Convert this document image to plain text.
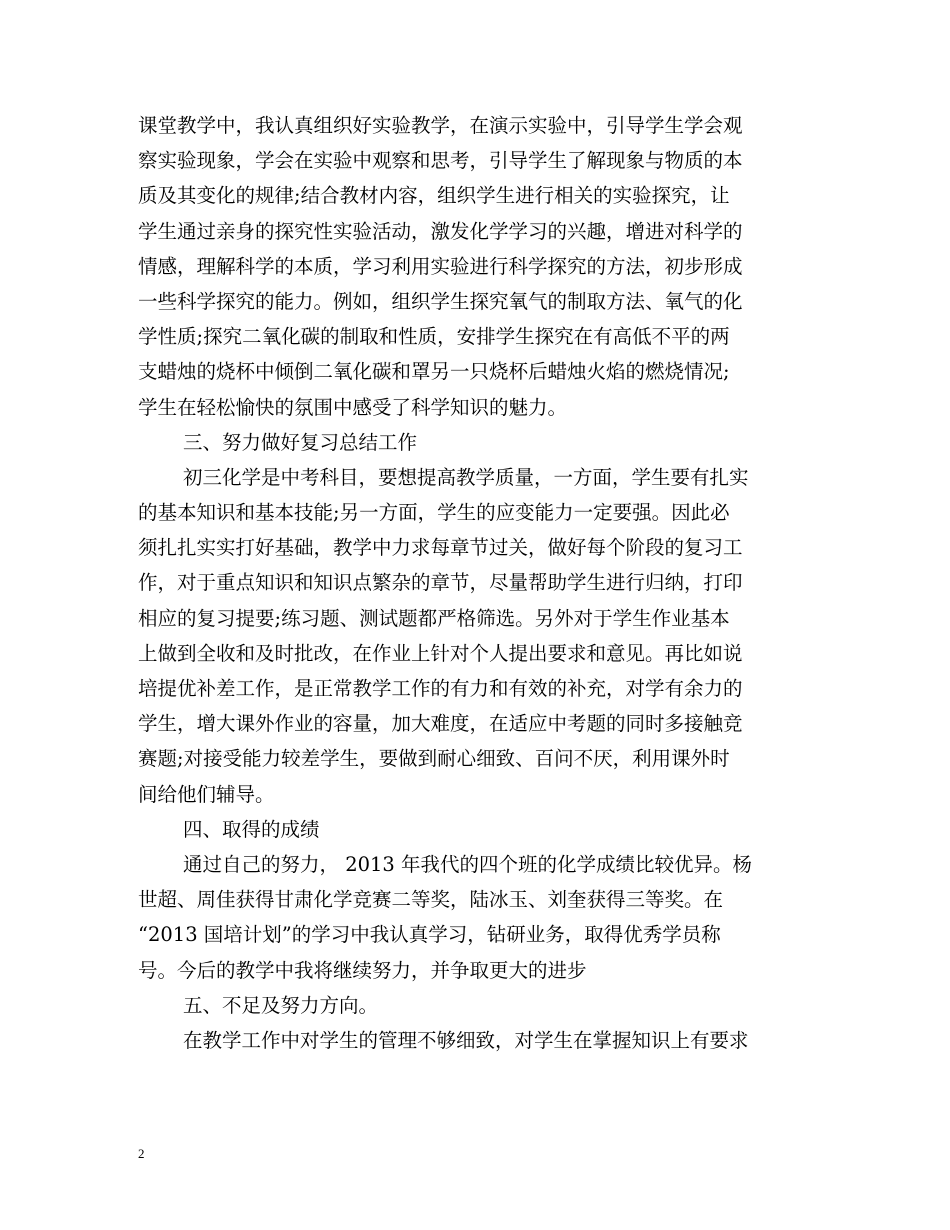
课堂教学中，我认真组织好实验教学，在演示实验中，引导学生学会观
察实验现象，学会在实验中观察和思考，引导学生了解现象与物质的本
质及其变化的规律;结合教材内容，组织学生进行相关的实验探究，让
学生通过亲身的探究性实验活动，激发化学学习的兴趣，增进对科学的
情感，理解科学的本质，学习利用实验进行科学探究的方法，初步形成
一些科学探究的能力。例如，组织学生探究氧气的制取方法、氧气的化
学性质;探究二氧化碳的制取和性质，安排学生探究在有高低不平的两
支蜡烛的烧杯中倾倒二氧化碳和罩另一只烧杯后蜡烛火焰的燃烧情况;
学生在轻松愉快的氛围中感受了科学知识的魅力。
三、努力做好复习总结工作
初三化学是中考科目，要想提高教学质量，一方面，学生要有扎实
的基本知识和基本技能;另一方面，学生的应变能力一定要强。因此必
须扎扎实实打好基础，教学中力求每章节过关，做好每个阶段的复习工
作，对于重点知识和知识点繁杂的章节，尽量帮助学生进行归纳，打印
相应的复习提要;练习题、测试题都严格筛选。另外对于学生作业基本
上做到全收和及时批改，在作业上针对个人提出要求和意见。再比如说
培提优补差工作，是正常教学工作的有力和有效的补充，对学有余力的
学生，增大课外作业的容量，加大难度，在适应中考题的同时多接触竞
赛题;对接受能力较差学生，要做到耐心细致、百问不厌，利用课外时
间给他们辅导。
四、取得的成绩
通过自己的努力， 2013 年我代的四个班的化学成绩比较优异。杨
世超、周佳获得甘肃化学竞赛二等奖，陆冰玉、刘奎获得三等奖。在
“2013 国培计划”的学习中我认真学习，钻研业务，取得优秀学员称
号。今后的教学中我将继续努力，并争取更大的进步
五、不足及努力方向。
在教学工作中对学生的管理不够细致，对学生在掌握知识上有要求
2
